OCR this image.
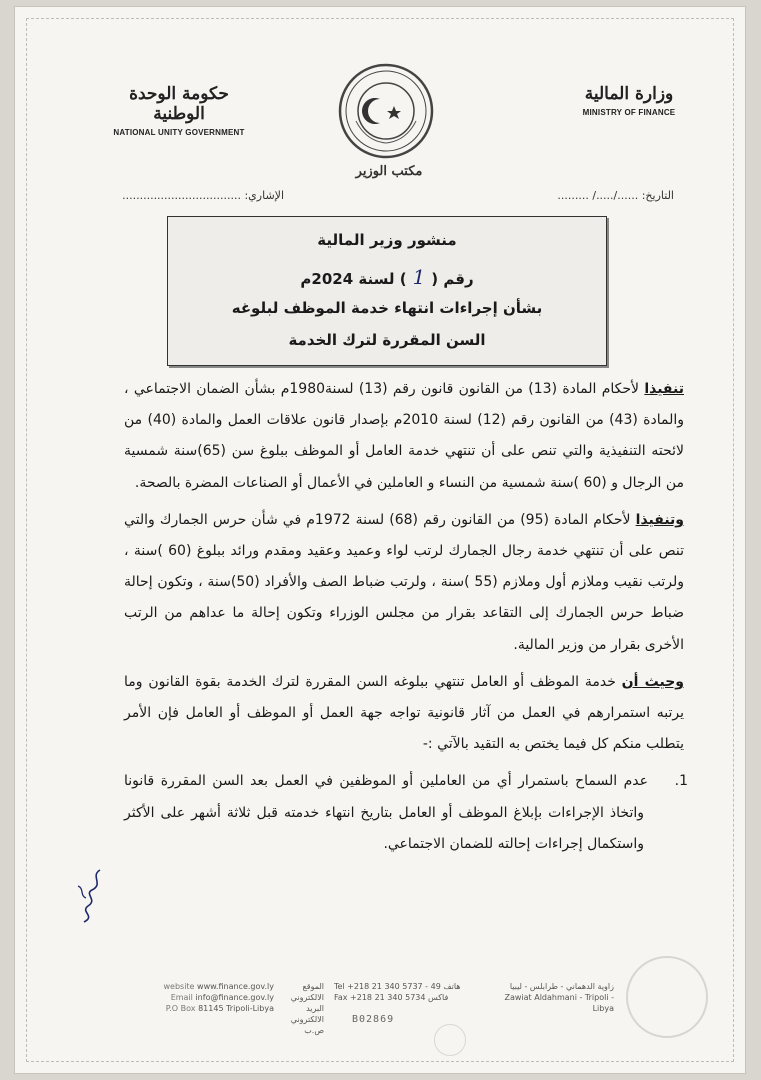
حكومة الوحدة الوطنية
NATIONAL UNITY GOVERNMENT
مكتب الوزير
وزارة المالية
MINISTRY OF FINANCE
التاريخ: ....../...../ .........
الإشاري: ..................................
منشور وزير المالية
رقم (1) لسنة 2024م
بشأن إجراءات انتهاء خدمة الموظف لبلوغه
السن المقررة لترك الخدمة

تنفيذا لأحكام المادة (13) من القانون قانون رقم (13) لسنة1980م بشأن الضمان الاجتماعي ، والمادة (43) من القانون رقم (12) لسنة 2010م بإصدار قانون علاقات العمل والمادة (40) من لائحته التنفيذية والتي تنص على أن تنتهي خدمة العامل أو الموظف ببلوغ سن (65)سنة شمسية من الرجال و (60 )سنة شمسية من النساء و العاملين في الأعمال أو الصناعات المضرة بالصحة.

وتنفيذا لأحكام المادة (95) من القانون رقم (68) لسنة 1972م في شأن حرس الجمارك والتي تنص على أن تنتهي خدمة رجال الجمارك لرتب لواء وعميد وعقيد ومقدم ورائد ببلوغ (60 )سنة ، ولرتب نقيب وملازم أول وملازم (55 )سنة ، ولرتب ضباط الصف والأفراد (50)سنة ، وتكون إحالة ضباط حرس الجمارك إلى التقاعد بقرار من مجلس الوزراء وتكون إحالة ما عداهم من الرتب الأخرى بقرار من وزير المالية.

وحيث أن خدمة الموظف أو العامل تنتهي ببلوغه السن المقررة لترك الخدمة بقوة القانون وما يرتبه استمرارهم في العمل من آثار قانونية تواجه جهة العمل أو الموظف أو العامل فإن الأمر يتطلب منكم كل فيما يختص به التقيد بالآتي :-

1.عدم السماح باستمرار أي من العاملين أو الموظفين في العمل بعد السن المقررة قانونا واتخاذ الإجراءات بإبلاغ الموظف أو العامل بتاريخ انتهاء خدمته قبل ثلاثة أشهر على الأكثر واستكمال إجراءات إحالته للضمان الاجتماعي.

website www.finance.gov.ly
Email info@finance.gov.ly
P.O Box 81145 Tripoli-Libya
الموقع الالكتروني
البريد الالكتروني
ص.ب
Tel +218 21 340 5737 - 49 هاتف
Fax +218 21 340 5734 فاكس
زاوية الدهماني - طرابلس - ليبيا
Zawiat Aldahmani - Tripoli - Libya
B02869
